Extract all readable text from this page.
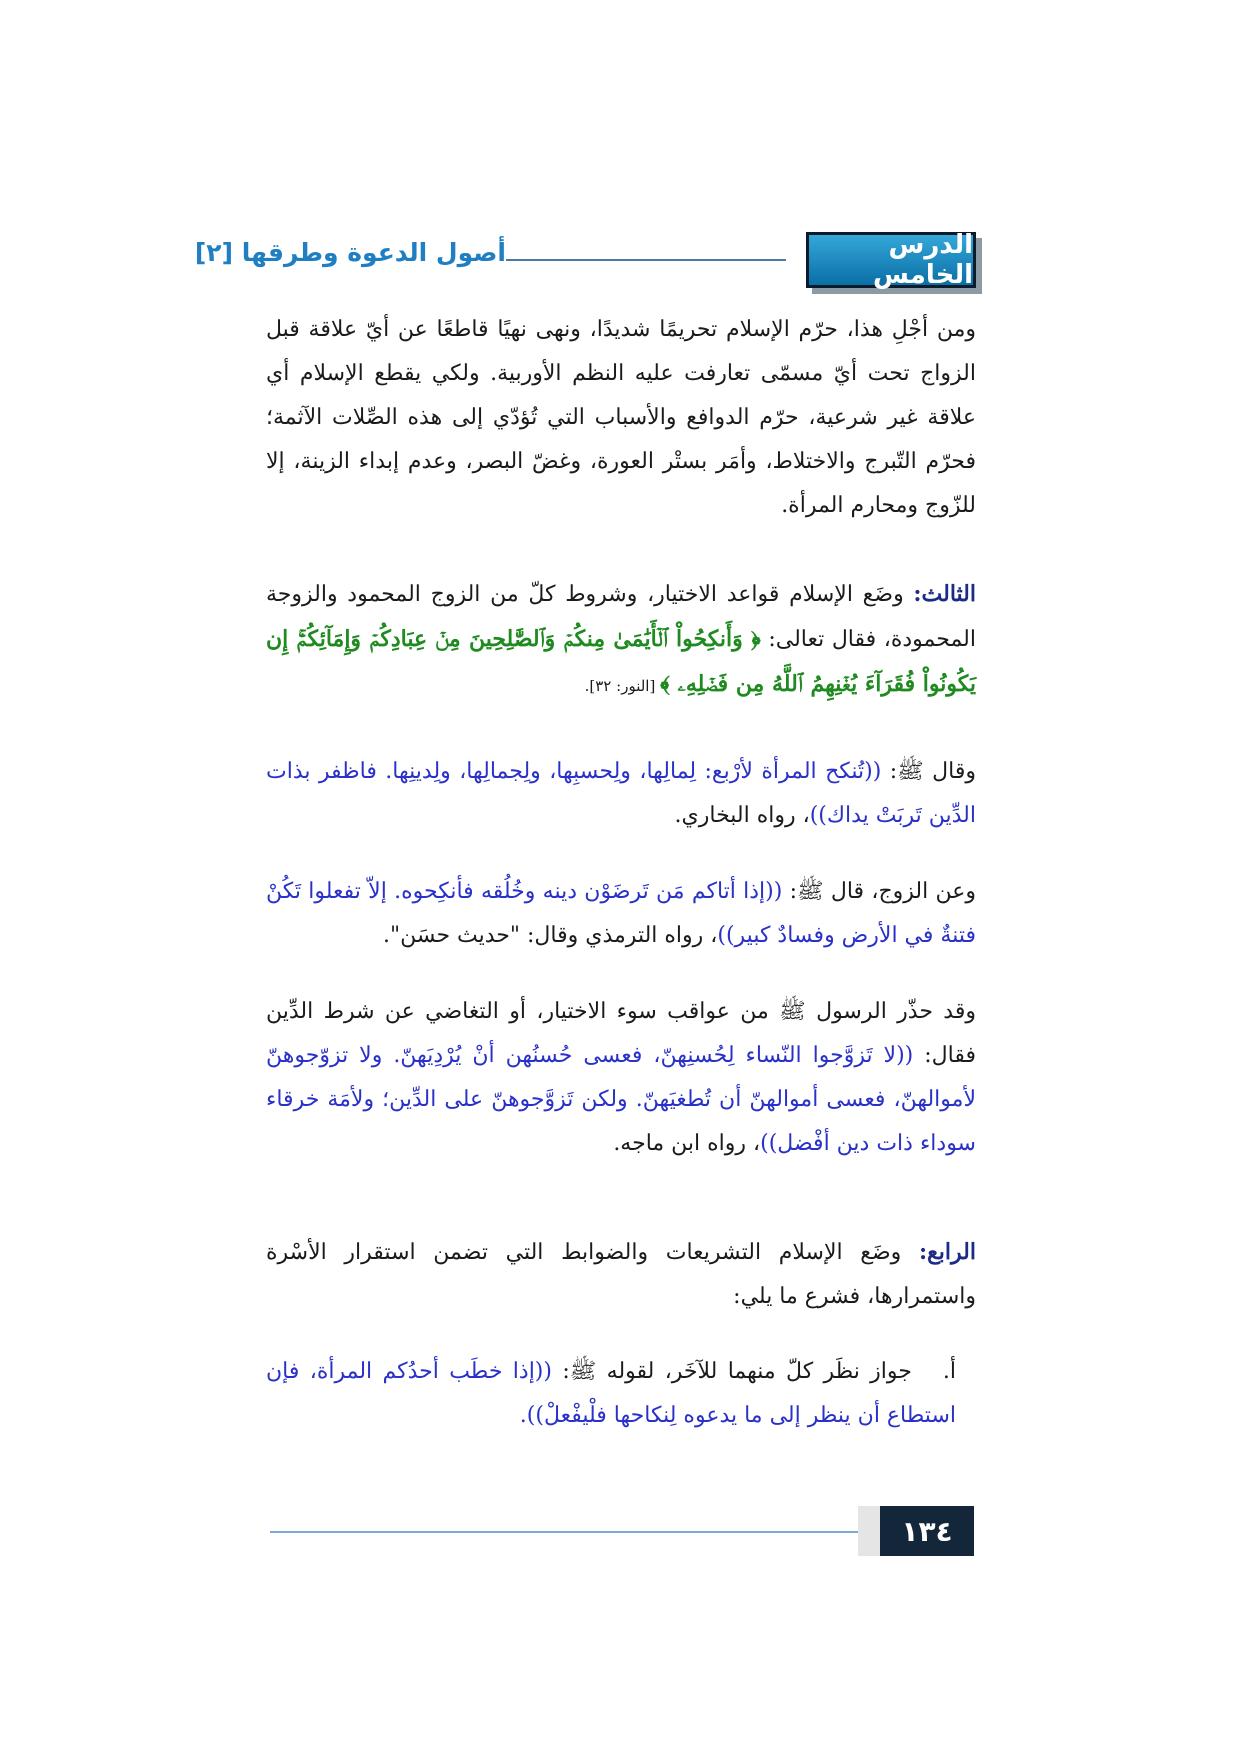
أصول الدعوة وطرقها [٢]	الدرس الخامس

ومن أجْلِ هذا، حرّم الإسلام تحريمًا شديدًا، ونهى نهيًا قاطعًا عن أيّ علاقة قبل الزواج تحت أيّ مسمّى تعارفت عليه النظم الأوربية. ولكي يقطع الإسلام أي علاقة غير شرعية، حرّم الدوافع والأسباب التي تُؤدّي إلى هذه الصِّلات الآثمة؛ فحرّم التّبرج والاختلاط، وأمَر بستْر العورة، وغضّ البصر، وعدم إبداء الزينة، إلا للزّوج ومحارم المرأة.

الثالث: وضَع الإسلام قواعد الاختيار، وشروط كلّ من الزوج المحمود والزوجة المحمودة، فقال تعالى: ﴿ وَأَنكِحُواْ ٱلۡأَيَٰمَىٰ مِنكُمۡ وَٱلصَّٰلِحِينَ مِنۡ عِبَادِكُمۡ وَإِمَآئِكُمۡۚ إِن يَكُونُواْ فُقَرَآءَ يُغۡنِهِمُ ٱللَّهُ مِن فَضۡلِهِۦ ﴾ [النور: ٣٢].

وقال ﷺ: ((تُنكح المرأة لأرْبع: لِمالِها، ولِحسبِها، ولِجمالِها، ولِدينِها. فاظفر بذات الدِّين تَربَتْ يداك))، رواه البخاري.

وعن الزوج، قال ﷺ: ((إذا أتاكم مَن تَرضَوْن دينه وخُلُقه فأنكِحوه. إلاّ تفعلوا تَكُنْ فتنةٌ في الأرض وفسادٌ كبير))، رواه الترمذي وقال: "حديث حسَن".

وقد حذّر الرسول ﷺ من عواقب سوء الاختيار، أو التغاضي عن شرط الدِّين فقال: ((لا تَزوَّجوا النّساء لِحُسنِهنّ، فعسى حُسنُهن أنْ يُرْدِيَهنّ. ولا تزوّجوهنّ لأموالهنّ، فعسى أموالهنّ أن تُطغيَهنّ. ولكن تَزوَّجوهنّ على الدِّين؛ ولأمَة خرقاء سوداء ذات دين أفْضل))، رواه ابن ماجه.

الرابع: وضَع الإسلام التشريعات والضوابط التي تضمن استقرار الأسْرة واستمرارها، فشرع ما يلي:

أ.   جواز نظَر كلّ منهما للآخَر، لقوله ﷺ: ((إذا خطَب أحدُكم المرأة، فإن استطاع أن ينظر إلى ما يدعوه لِنكاحها فلْيفْعلْ)).

١٣٤
